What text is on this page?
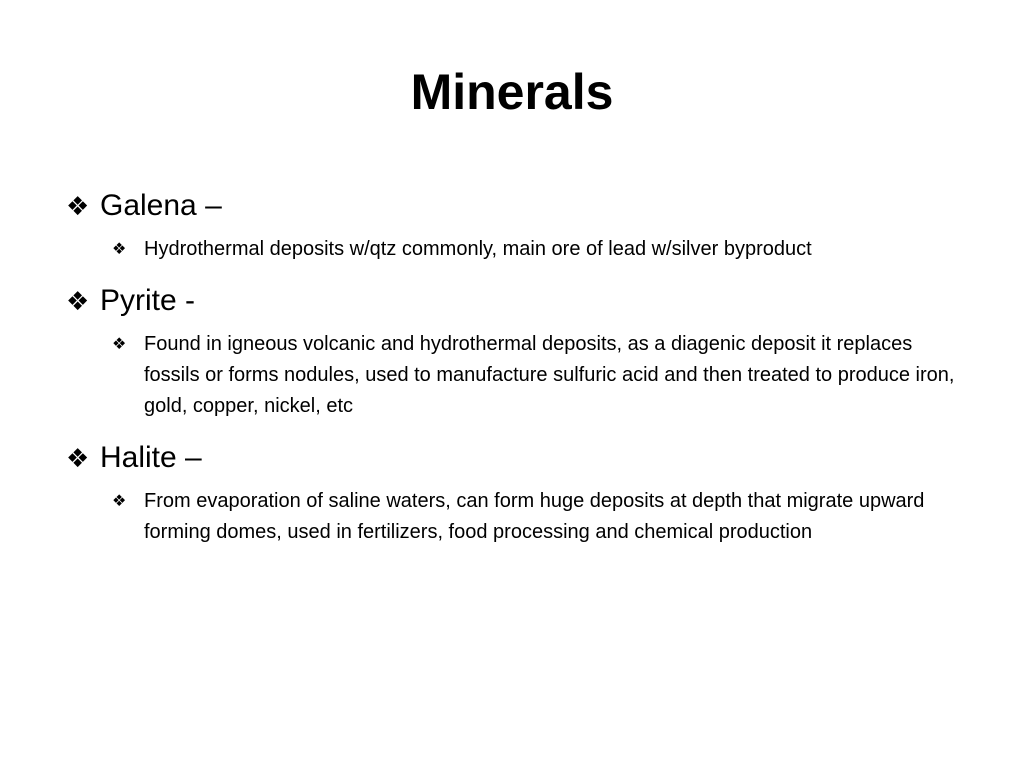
Minerals
❖ Galena –
❖ Hydrothermal deposits w/qtz commonly, main ore of lead w/silver byproduct
❖ Pyrite -
❖ Found in igneous volcanic and hydrothermal deposits, as a diagenic deposit it replaces fossils or forms nodules, used to manufacture sulfuric acid and then treated to produce iron, gold, copper, nickel, etc
❖ Halite –
❖ From evaporation of saline waters, can form huge deposits at depth that migrate upward forming domes, used in fertilizers, food processing and chemical production
